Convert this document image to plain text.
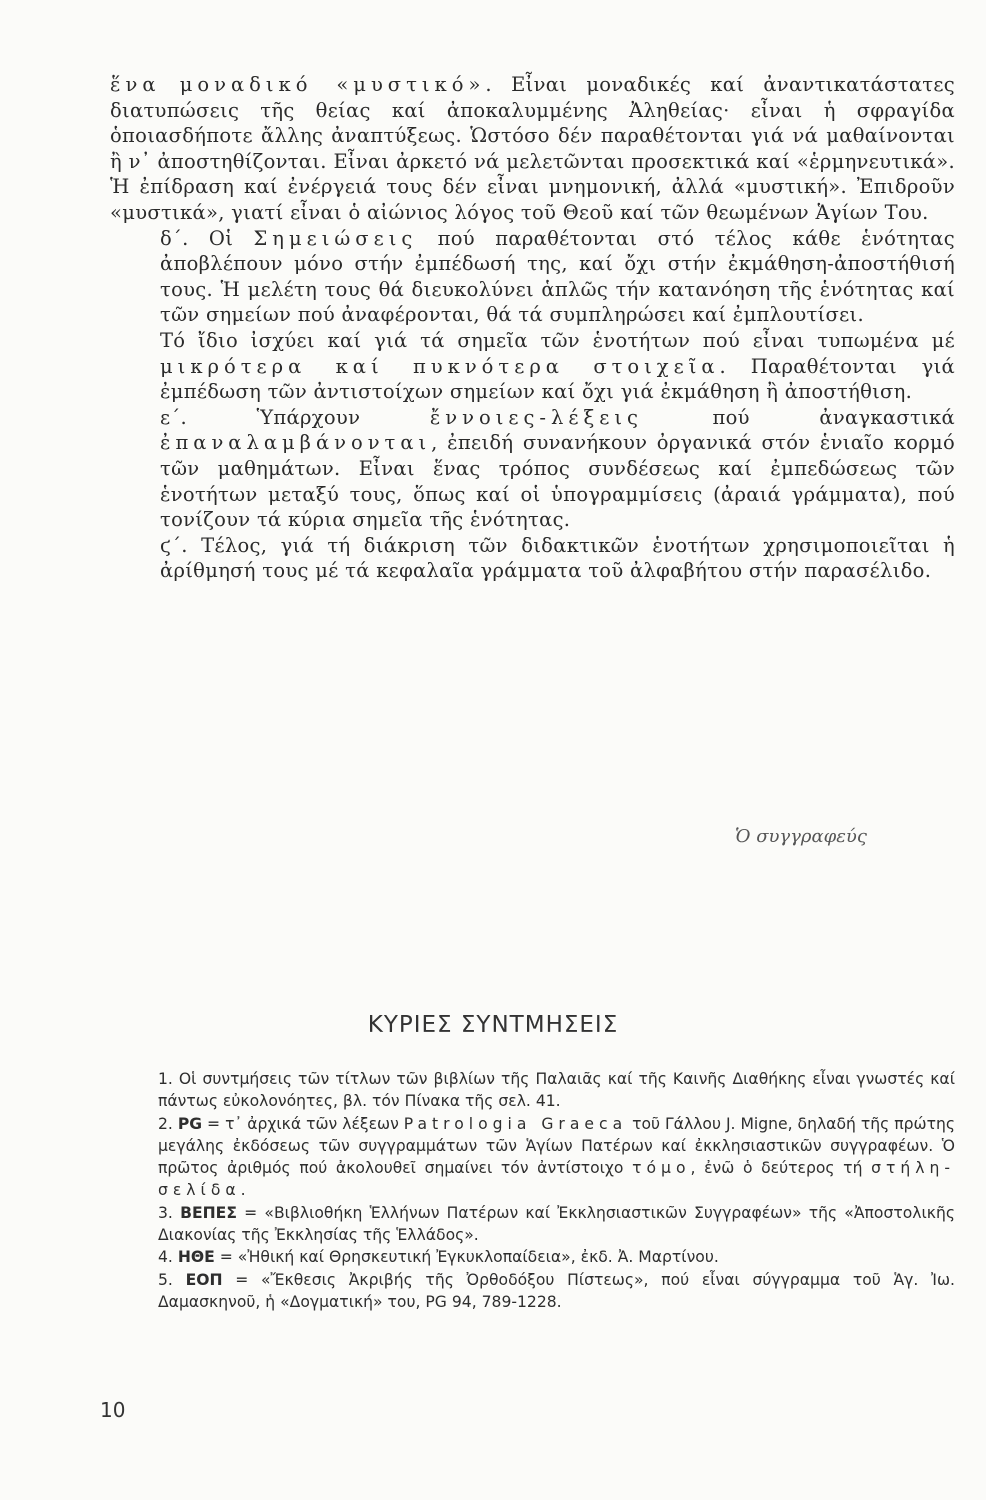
ἕνα μοναδικό «μυστικό». Εἶναι μοναδικές καί ἀναντικατάστατες διατυπώσεις τῆς θείας καί ἀποκαλυμμένης Ἀληθείας· εἶναι ἡ σφραγίδα ὁποιασδήποτε ἄλλης ἀναπτύξεως. Ὡστόσο δέν παραθέτονται γιά νά μαθαίνονται ἢ ν᾿ ἀποστηθίζονται. Εἶναι ἀρκετό νά μελετῶνται προσεκτικά καί «ἑρμηνευτικά». Ἡ ἐπίδραση καί ἐνέργειά τους δέν εἶναι μνημονική, ἀλλά «μυστική». Ἐπιδροῦν «μυστικά», γιατί εἶναι ὁ αἰώνιος λόγος τοῦ Θεοῦ καί τῶν θεωμένων Ἁγίων Του.

δ΄. Οἱ Σημειώσεις πού παραθέτονται στό τέλος κάθε ἑνότητας ἀποβλέπουν μόνο στήν ἐμπέδωσή της, καί ὄχι στήν ἐκμάθηση-ἀποστήθισή τους. Ἡ μελέτη τους θά διευκολύνει ἁπλῶς τήν κατανόηση τῆς ἑνότητας καί τῶν σημείων πού ἀναφέρονται, θά τά συμπληρώσει καί ἐμπλουτίσει.

Τό ἴδιο ἰσχύει καί γιά τά σημεῖα τῶν ἑνοτήτων πού εἶναι τυπωμένα μέ μικρότερα καί πυκνότερα στοιχεῖα. Παραθέτονται γιά ἐμπέδωση τῶν ἀντιστοίχων σημείων καί ὄχι γιά ἐκμάθηση ἢ ἀποστήθιση.

ε΄. Ὑπάρχουν	ἔννοιες-λέξεις πού ἀναγκαστικά ἐπαναλαμβάνονται, ἐπειδή συνανήκουν ὀργανικά στόν ἑνιαῖο κορμό τῶν μαθημάτων. Εἶναι ἕνας τρόπος συνδέσεως καί ἐμπεδώσεως τῶν ἑνοτήτων μεταξύ τους, ὅπως καί οἱ ὑπογραμμίσεις (ἀραιά γράμματα), πού τονίζουν τά κύρια σημεῖα τῆς ἑνότητας.

ϛ΄. Τέλος, γιά τή διάκριση τῶν διδακτικῶν ἑνοτήτων χρησιμοποιεῖται ἡ ἀρίθμησή τους μέ τά κεφαλαῖα γράμματα τοῦ ἀλφαβήτου στήν παρασέλιδο.

Ὁ συγγραφεύς
ΚΥΡΙΕΣ ΣΥΝΤΜΗΣΕΙΣ

1. Οἱ συντμήσεις τῶν τίτλων τῶν βιβλίων τῆς Παλαιᾶς καί τῆς Καινῆς Διαθήκης εἶναι γνωστές καί πάντως εὐκολονόητες, βλ. τόν Πίνακα τῆς σελ. 41.

2. PG = τ᾿ ἀρχικά τῶν λέξεων Patrologia Graeca τοῦ Γάλλου J. Migne, δηλαδή τῆς πρώτης μεγάλης ἐκδόσεως τῶν συγγραμμάτων τῶν Ἁγίων Πατέρων καί ἐκκλησιαστικῶν συγγραφέων. Ὁ πρῶτος ἀριθμός πού ἀκολουθεῖ σημαίνει τόν ἀντίστοιχο τόμο, ἐνῶ ὁ δεύτερος τή στήλη-σελίδα.

3. ΒΕΠΕΣ = «Βιβλιοθήκη Ἑλλήνων Πατέρων καί Ἐκκλησιαστικῶν Συγγραφέων» τῆς «Ἀποστολικῆς Διακονίας τῆς Ἐκκλησίας τῆς Ἑλλάδος».

4. ΗΘΕ = «Ἠθική καί Θρησκευτική Ἐγκυκλοπαίδεια», ἐκδ. Ἀ. Μαρτίνου.

5. ΕΟΠ = «Ἔκθεσις Ἀκριβής τῆς Ὀρθοδόξου Πίστεως», πού εἶναι σύγγραμμα τοῦ Ἁγ. Ἰω. Δαμασκηνοῦ, ἡ «Δογματική» του, PG 94, 789-1228.

10
